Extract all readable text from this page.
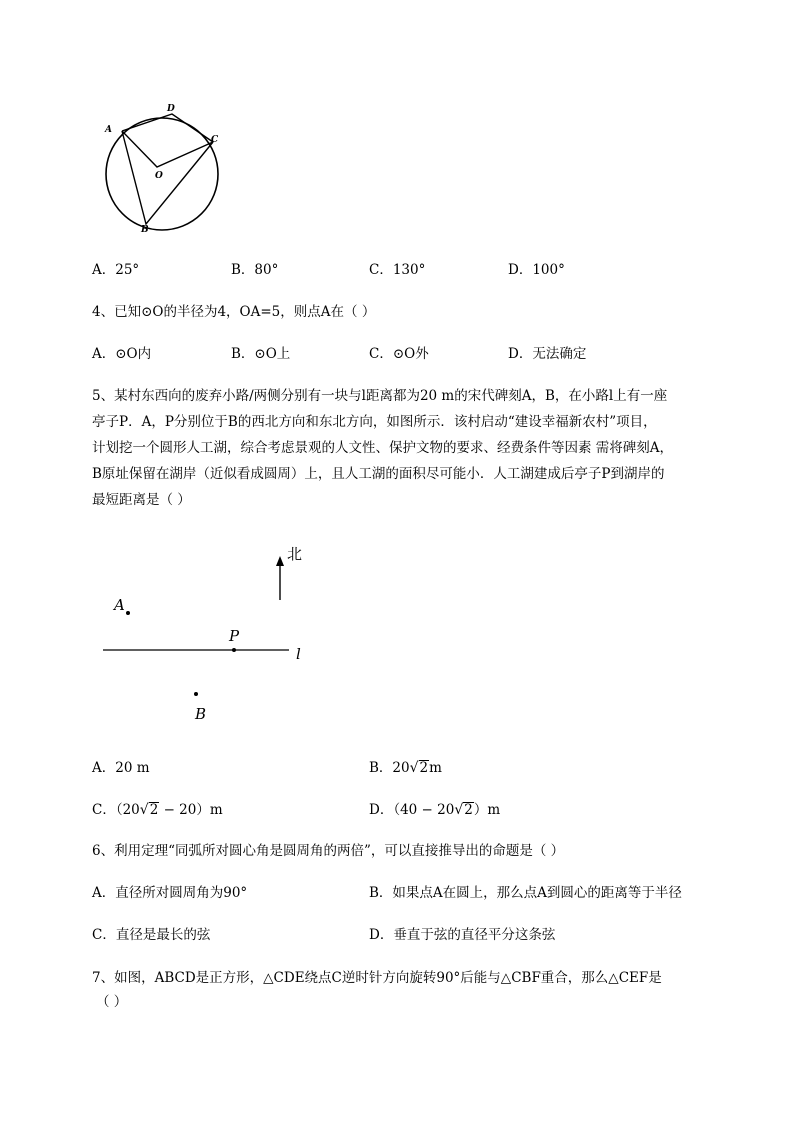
A
D
C
O
B
A．25°	B．80°	C．130°	D．100°
4、已知⊙O的半径为4，OA=5，则点A在（ ）
A．⊙O内	B．⊙O上	C．⊙O外	D．无法确定
5、某村东西向的废弃小路/两侧分别有一块与l距离都为20 m的宋代碑刻A，B，在小路l上有一座
亭子P．A，P分别位于B的西北方向和东北方向，如图所示．该村启动“建设幸福新农村”项目，
计划挖一个圆形人工湖，综合考虑景观的人文性、保护文物的要求、经费条件等因素 需将碑刻A，
B原址保留在湖岸（近似看成圆周）上，且人工湖的面积尽可能小．人工湖建成后亭子P到湖岸的
最短距离是（ ）
北
A
P
B
l
A．20 m	B．20√2m
C．（20√2 − 20）m	D．（40 − 20√2）m
6、利用定理“同弧所对圆心角是圆周角的两倍”，可以直接推导出的命题是（ ）
A．直径所对圆周角为90°	B．如果点A在圆上，那么点A到圆心的距离等于半径
C．直径是最长的弦	D．垂直于弦的直径平分这条弦
7、如图，ABCD是正方形，△CDE绕点C逆时针方向旋转90°后能与△CBF重合，那么△CEF是
（ ）
